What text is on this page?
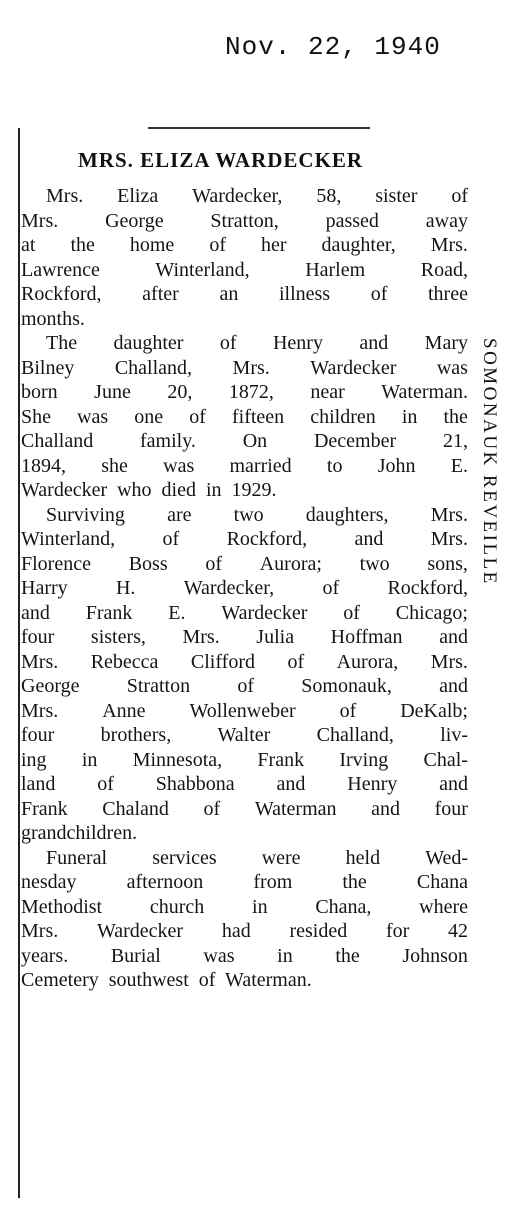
Nov. 22, 1940
MRS. ELIZA WARDECKER
Mrs. Eliza Wardecker, 58, sister of
Mrs. George Stratton, passed away
at the home of her daughter, Mrs.
Lawrence	Winterland,	Harlem	Road,
Rockford, after an illness of three
months.
The daughter of Henry and Mary
Bilney Challand, Mrs. Wardecker was
born June 20, 1872, near Waterman.
She was one of fifteen children in the
Challand family. On December 21,
1894, she was married to John E.
Wardecker who died in 1929.
Surviving are two daughters, Mrs.
Winterland, of Rockford, and Mrs.
Florence Boss of Aurora; two sons,
Harry H. Wardecker, of Rockford,
and Frank E. Wardecker of Chicago;
four sisters, Mrs. Julia Hoffman and
Mrs. Rebecca Clifford of Aurora, Mrs.
George Stratton of Somonauk, and
Mrs. Anne Wollenweber of DeKalb;
four brothers, Walter Challand, liv-
ing in Minnesota, Frank Irving Chal-
land of Shabbona and Henry and
Frank Chaland of Waterman and four
grandchildren.
Funeral services were held Wed-
nesday	afternoon	from	the	Chana
Methodist church in Chana, where
Mrs. Wardecker had resided for 42
years. Burial was in the Johnson
Cemetery southwest of Waterman.
SOMONAUK REVEILLE
